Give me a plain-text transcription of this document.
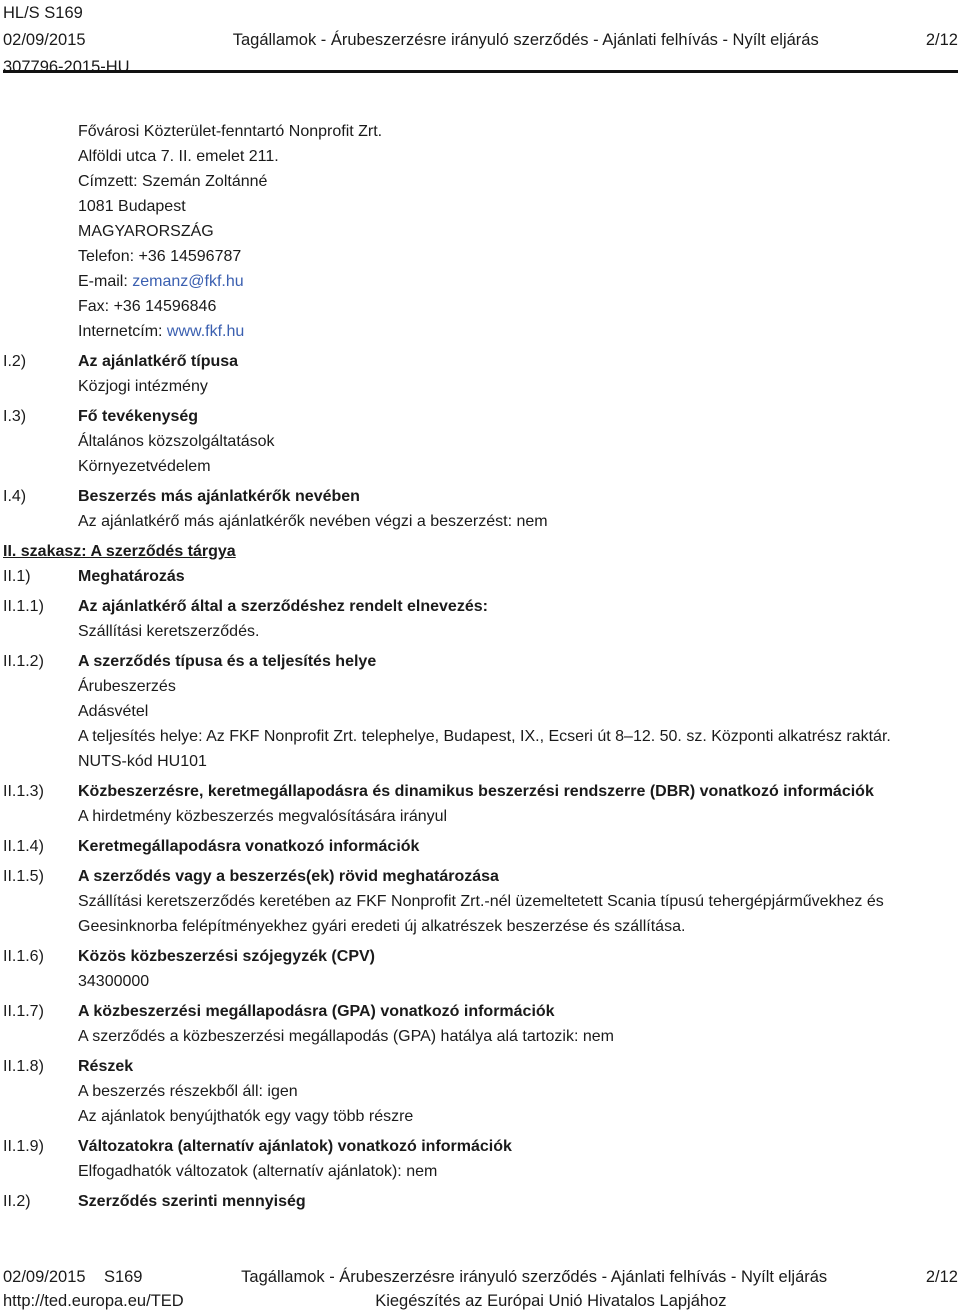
HL/S S169
02/09/2015	Tagállamok - Árubeszerzésre irányuló szerződés - Ajánlati felhívás - Nyílt eljárás	2/12
307796-2015-HU

Fővárosi Közterület-fenntartó Nonprofit Zrt.

Alföldi utca 7. II. emelet 211.

Címzett: Szemán Zoltánné

1081 Budapest

MAGYARORSZÁG

Telefon: +36 14596787

E-mail: zemanz@fkf.hu

Fax: +36 14596846

Internetcím: www.fkf.hu

I.2)	Az ajánlatkérő típusa

Közjogi intézmény

I.3)	Fő tevékenység

Általános közszolgáltatások

Környezetvédelem

I.4)	Beszerzés más ajánlatkérők nevében

Az ajánlatkérő más ajánlatkérők nevében végzi a beszerzést: nem

II. szakasz: A szerződés tárgya

II.1)	Meghatározás

II.1.1)	Az ajánlatkérő által a szerződéshez rendelt elnevezés:

Szállítási keretszerződés.

II.1.2)	A szerződés típusa és a teljesítés helye

Árubeszerzés

Adásvétel

A teljesítés helye: Az FKF Nonprofit Zrt. telephelye, Budapest, IX., Ecseri út 8–12. 50. sz. Központi alkatrész raktár.

NUTS-kód HU101

II.1.3)	Közbeszerzésre, keretmegállapodásra és dinamikus beszerzési rendszerre (DBR) vonatkozó információk

A hirdetmény közbeszerzés megvalósítására irányul

II.1.4)	Keretmegállapodásra vonatkozó információk

II.1.5)	A szerződés vagy a beszerzés(ek) rövid meghatározása

Szállítási keretszerződés keretében az FKF Nonprofit Zrt.-nél üzemeltetett Scania típusú tehergépjárművekhez és Geesinknorba felépítményekhez gyári eredeti új alkatrészek beszerzése és szállítása.

II.1.6)	Közös közbeszerzési szójegyzék (CPV)

34300000

II.1.7)	A közbeszerzési megállapodásra (GPA) vonatkozó információk

A szerződés a közbeszerzési megállapodás (GPA) hatálya alá tartozik: nem

II.1.8)	Részek

A beszerzés részekből áll: igen

Az ajánlatok benyújthatók egy vagy több részre

II.1.9)	Változatokra (alternatív ajánlatok) vonatkozó információk

Elfogadhatók változatok (alternatív ajánlatok): nem

II.2)	Szerződés szerinti mennyiség

02/09/2015 S169	Tagállamok - Árubeszerzésre irányuló szerződés - Ajánlati felhívás - Nyílt eljárás	2/12
http://ted.europa.eu/TED	Kiegészítés az Európai Unió Hivatalos Lapjához
